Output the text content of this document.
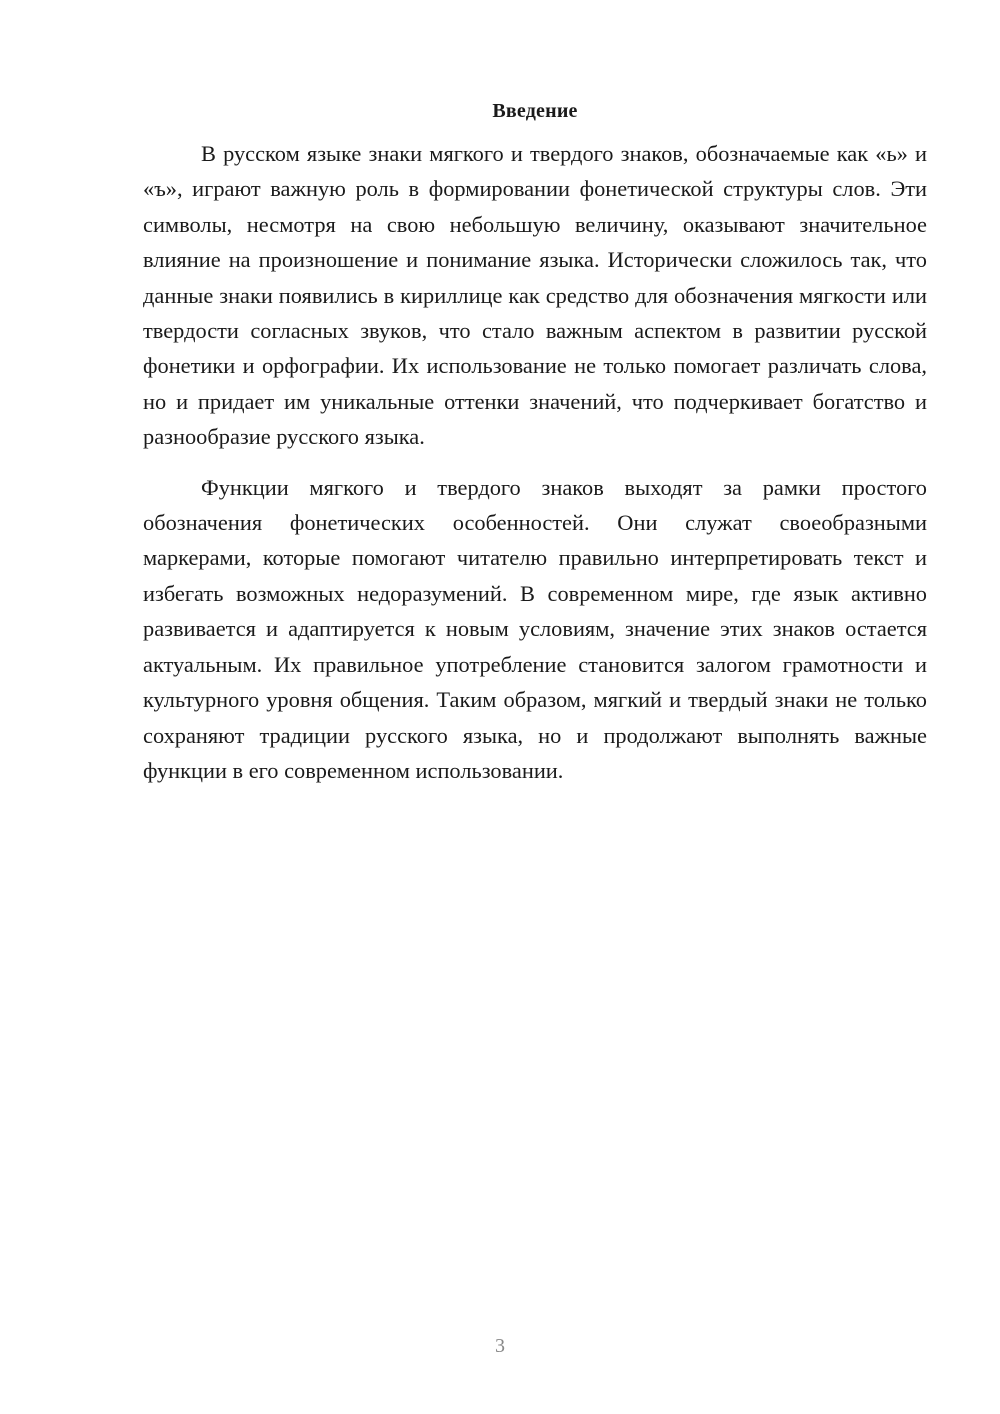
Введение

В русском языке знаки мягкого и твердого знаков, обозначаемые как «ь» и «ъ», играют важную роль в формировании фонетической структуры слов. Эти символы, несмотря на свою небольшую величину, оказывают значительное влияние на произношение и понимание языка. Исторически сложилось так, что данные знаки появились в кириллице как средство для обозначения мягкости или твердости согласных звуков, что стало важным аспектом в развитии русской фонетики и орфографии. Их использование не только помогает различать слова, но и придает им уникальные оттенки значений, что подчеркивает богатство и разнообразие русского языка.

Функции мягкого и твердого знаков выходят за рамки простого обозначения фонетических особенностей. Они служат своеобразными маркерами, которые помогают читателю правильно интерпретировать текст и избегать возможных недоразумений. В современном мире, где язык активно развивается и адаптируется к новым условиям, значение этих знаков остается актуальным. Их правильное употребление становится залогом грамотности и культурного уровня общения. Таким образом, мягкий и твердый знаки не только сохраняют традиции русского языка, но и продолжают выполнять важные функции в его современном использовании.

3
